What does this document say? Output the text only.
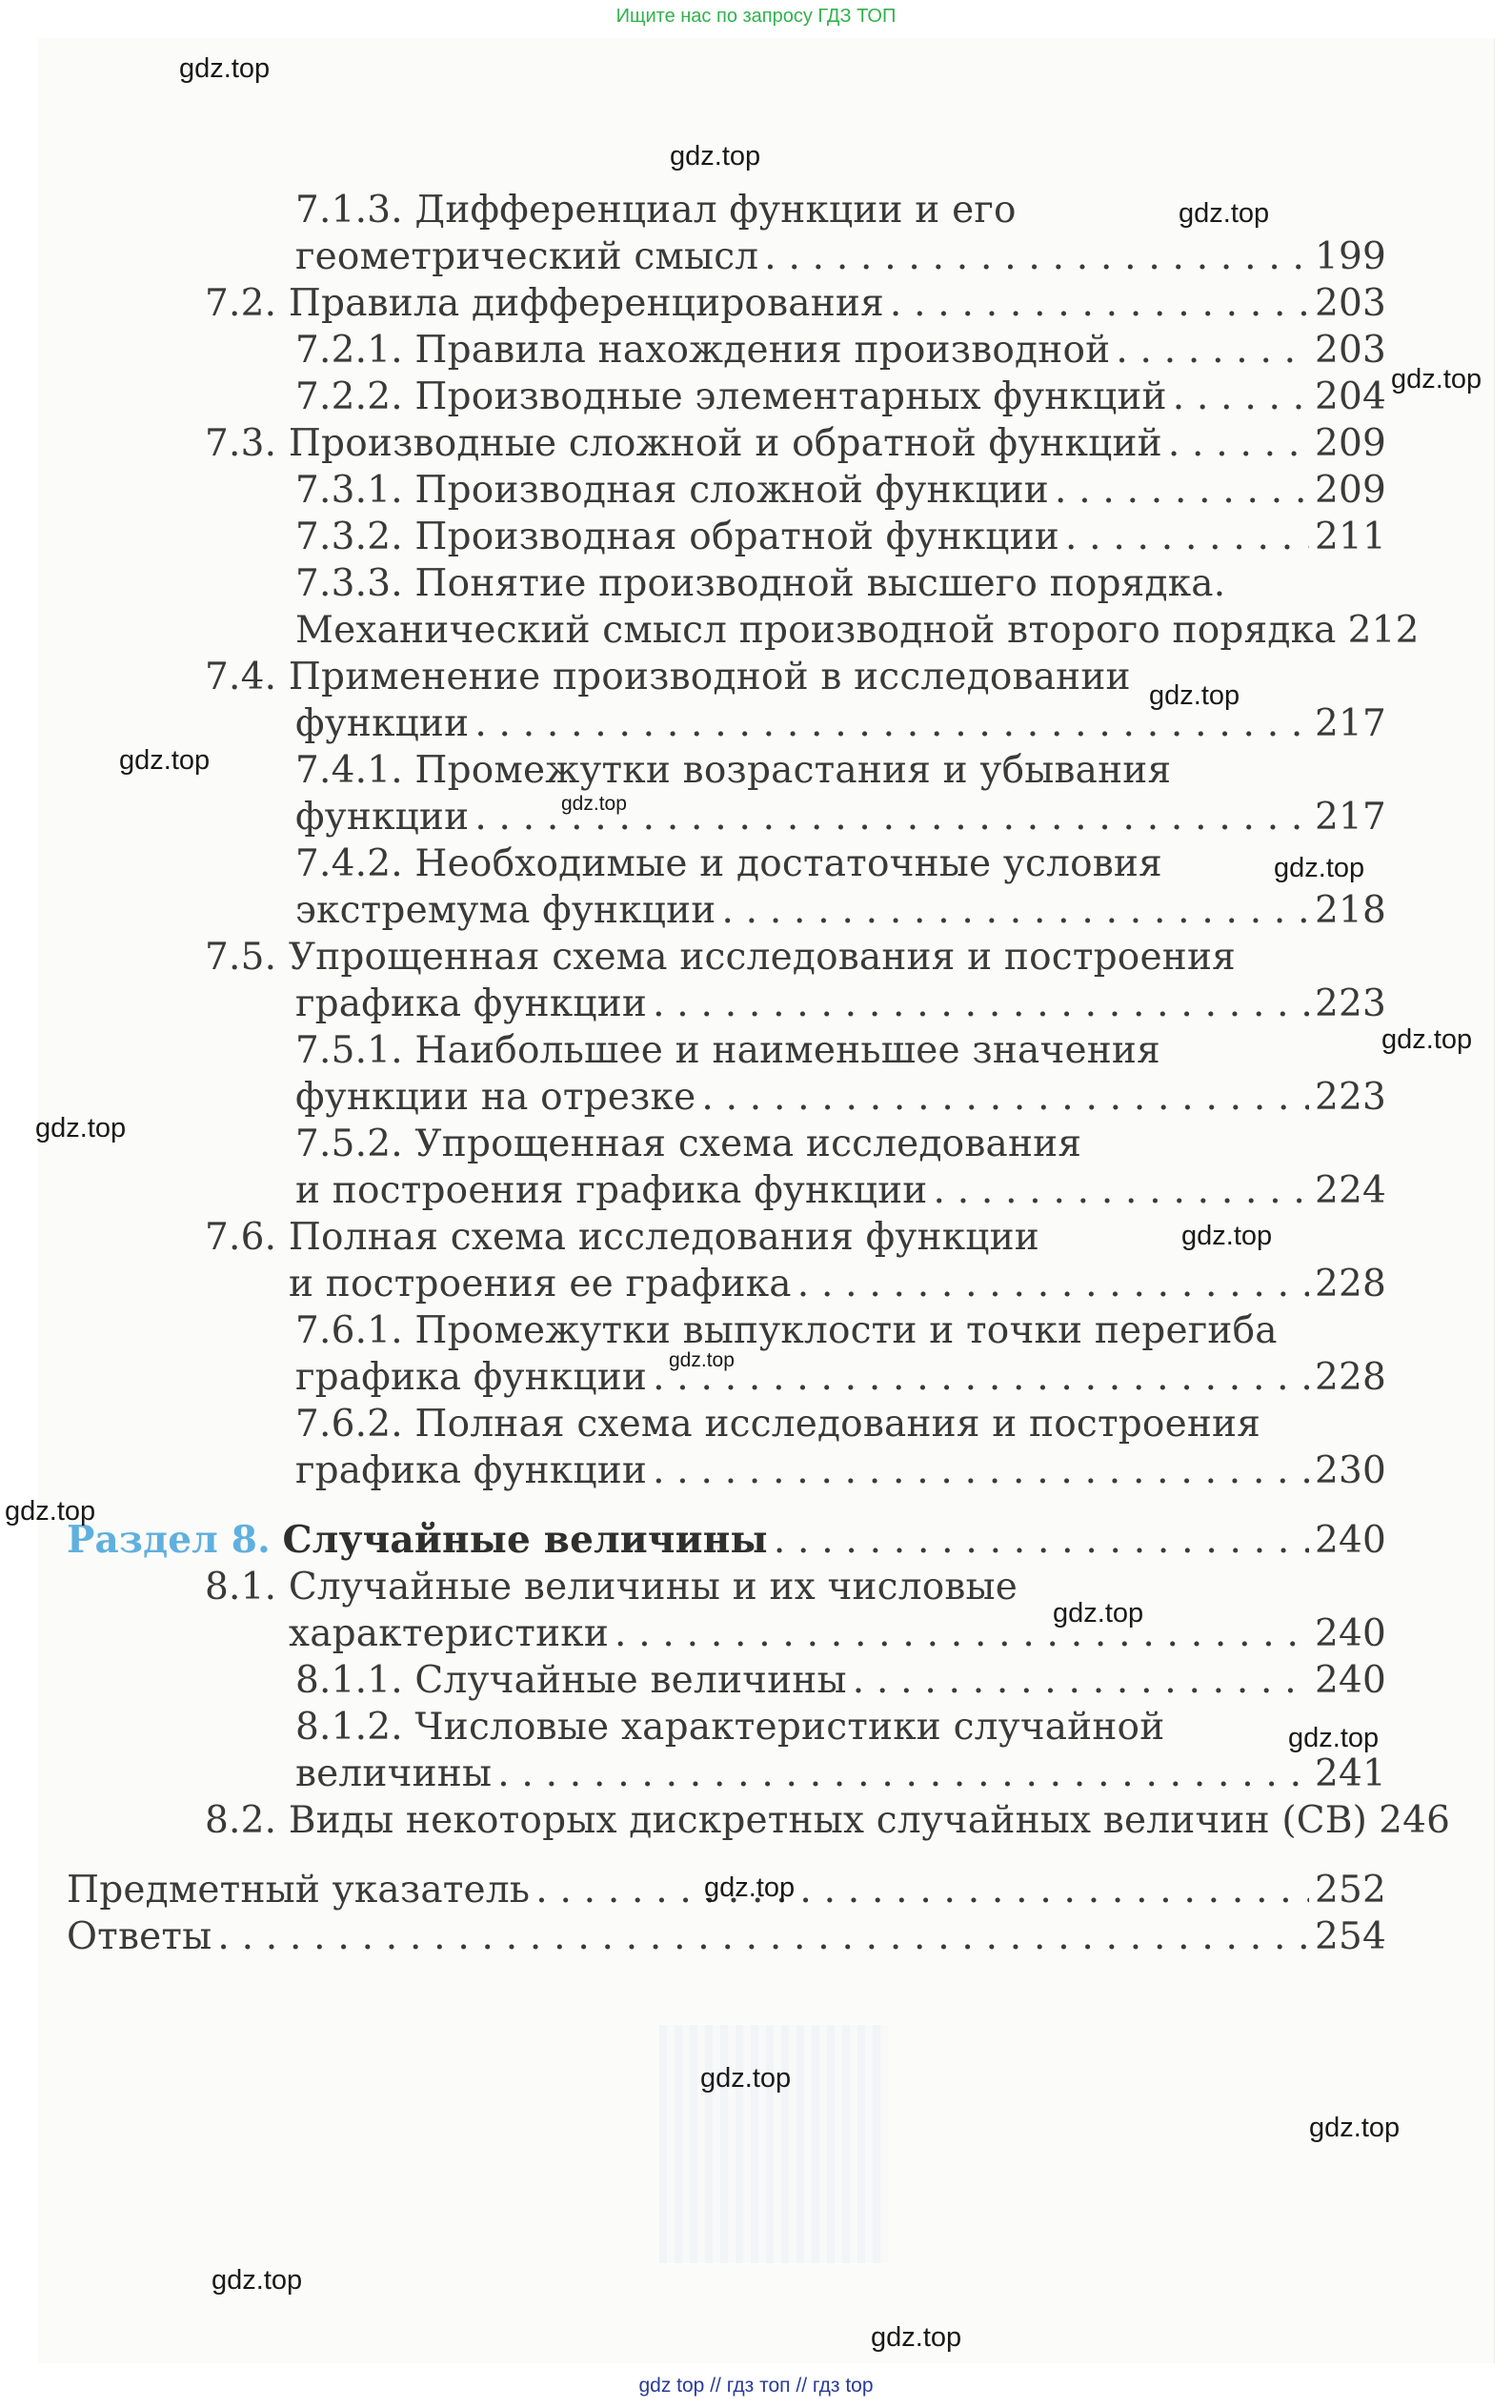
Ищите нас по запросу ГДЗ ТОП
7.1.3. Дифференциал функции и его
геометрический смысл . . .	199
7.2. Правила дифференцирования . . .	203
7.2.1. Правила нахождения производной . . .	203
7.2.2. Производные элементарных функций . . .	204
7.3. Производные сложной и обратной функций . . .	209
7.3.1. Производная сложной функции . . .	209
7.3.2. Производная обратной функции . . .	211
7.3.3. Понятие производной высшего порядка.
Механический смысл производной второго порядка 212
7.4. Применение производной в исследовании
функции . . .	217
7.4.1. Промежутки возрастания и убывания
функции . . .	217
7.4.2. Необходимые и достаточные условия
экстремума функции . . .	218
7.5. Упрощенная схема исследования и построения
графика функции . . .	223
7.5.1. Наибольшее и наименьшее значения
функции на отрезке . . .	223
7.5.2. Упрощенная схема исследования
и построения графика функции . . .	224
7.6. Полная схема исследования функции
и построения ее графика . . .	228
7.6.1. Промежутки выпуклости и точки перегиба
графика функции . . .	228
7.6.2. Полная схема исследования и построения
графика функции . . .	230
Раздел 8. Случайные величины . . .	240
8.1. Случайные величины и их числовые
характеристики . . .	240
8.1.1. Случайные величины . . .	240
8.1.2. Числовые характеристики случайной
величины . . .	241
8.2. Виды некоторых дискретных случайных величин (СВ) 246
Предметный указатель . . .	252
Ответы . . .	254
gdz.top
gdz.top
gdz.top
gdz.top
gdz.top
gdz.top
gdz.top
gdz.top
gdz.top
gdz.top
gdz.top
gdz.top
gdz.top
gdz.top
gdz.top
gdz.top
gdz.top
gdz.top
gdz.top
gdz.top
gdz top // гдз топ // гдз top
